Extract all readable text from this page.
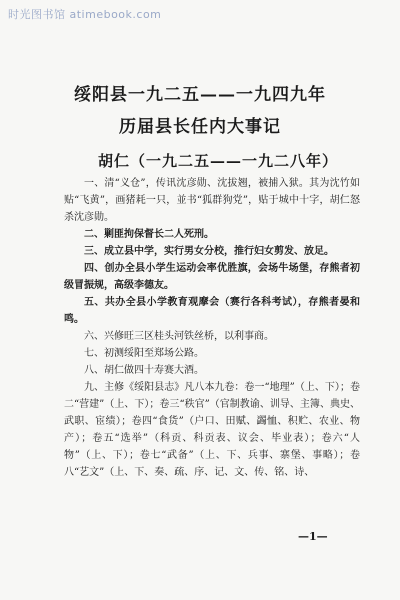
时光图书馆 atimebook.com
绥阳县一九二五——一九四九年
历届县长任内大事记
胡仁（一九二五——一九二八年）

一、清“义仓”，传讯沈彦勋、沈拔翘，被捕入狱。其为沈竹如贴“飞黄”，画猪耗一只，並书“狐群狗党”，贴于城中十字，胡仁怒杀沈彦勋。

二、剿匪拘保督长二人死刑。

三、成立县中学，实行男女分校，推行妇女剪发、放足。

四、创办全县小学生运动会率优胜旗，会场牛场堡，存熊者初级冒振规，高级李德友。

五、共办全县小学教育观摩会（赛行各科考试），存熊者晏和鸣。

六、兴修旺三区桂头河铁丝桥，以利事商。

七、初测绥阳至郑场公路。

八、胡仁做四十寿赛大酒。

九、主修《绥阳县志》凡八本九卷：卷一“地理”（上、下）；卷二“营建”（上、下）；卷三“秩官”（官制教谕、训导、主簿、典史、武职、宦绩）；卷四“食货”（户口、田赋、蠲恤、积贮、农业、物产）；卷五“选举”（科贡、科贡表、议会、毕业表）；卷六“人物”（上、下）；卷七“武备”（上、下、兵事、寨堡、事略）；卷八“艺文”（上、下、奏、疏、序、记、文、传、铭、诗、

—1—
